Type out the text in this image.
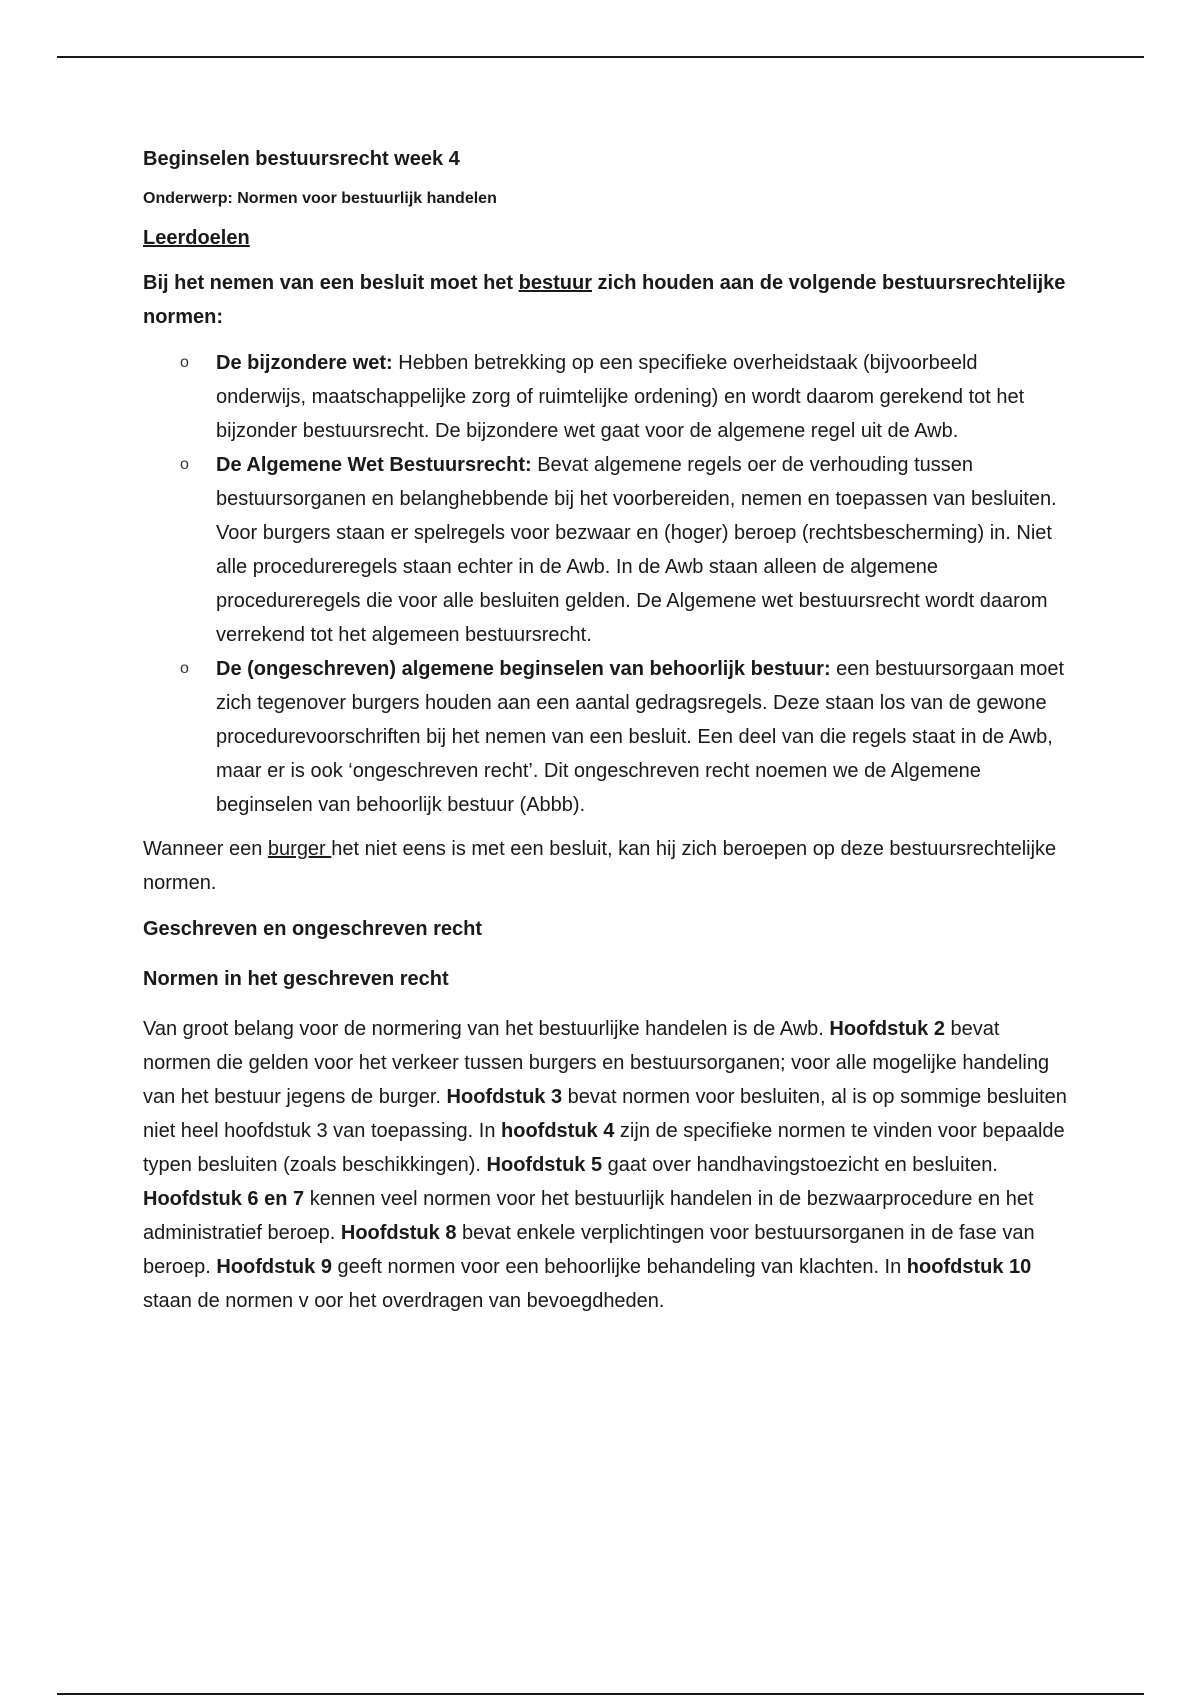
Beginselen bestuursrecht week 4
Onderwerp: Normen voor bestuurlijk handelen
Leerdoelen
Bij het nemen van een besluit moet het bestuur zich houden aan de volgende bestuursrechtelijke normen:
o De bijzondere wet: Hebben betrekking op een specifieke overheidstaak (bijvoorbeeld onderwijs, maatschappelijke zorg of ruimtelijke ordening) en wordt daarom gerekend tot het bijzonder bestuursrecht. De bijzondere wet gaat voor de algemene regel uit de Awb.
o De Algemene Wet Bestuursrecht: Bevat algemene regels oer de verhouding tussen bestuursorganen en belanghebbende bij het voorbereiden, nemen en toepassen van besluiten. Voor burgers staan er spelregels voor bezwaar en (hoger) beroep (rechtsbescherming) in. Niet alle procedureregels staan echter in de Awb. In de Awb staan alleen de algemene procedureregels die voor alle besluiten gelden. De Algemene wet bestuursrecht wordt daarom verrekend tot het algemeen bestuursrecht.
o De (ongeschreven) algemene beginselen van behoorlijk bestuur: een bestuursorgaan moet zich tegenover burgers houden aan een aantal gedragsregels. Deze staan los van de gewone procedurevoorschriften bij het nemen van een besluit. Een deel van die regels staat in de Awb, maar er is ook ‘ongeschreven recht’. Dit ongeschreven recht noemen we de Algemene beginselen van behoorlijk bestuur (Abbb).

Wanneer een burger het niet eens is met een besluit, kan hij zich beroepen op deze bestuursrechtelijke normen.

Geschreven en ongeschreven recht
Normen in het geschreven recht

Van groot belang voor de normering van het bestuurlijke handelen is de Awb. Hoofdstuk 2 bevat normen die gelden voor het verkeer tussen burgers en bestuursorganen; voor alle mogelijke handeling van het bestuur jegens de burger. Hoofdstuk 3 bevat normen voor besluiten, al is op sommige besluiten niet heel hoofdstuk 3 van toepassing. In hoofdstuk 4 zijn de specifieke normen te vinden voor bepaalde typen besluiten (zoals beschikkingen). Hoofdstuk 5 gaat over handhavingstoezicht en besluiten. Hoofdstuk 6 en 7 kennen veel normen voor het bestuurlijk handelen in de bezwaarprocedure en het administratief beroep. Hoofdstuk 8 bevat enkele verplichtingen voor bestuursorganen in de fase van beroep. Hoofdstuk 9 geeft normen voor een behoorlijke behandeling van klachten. In hoofdstuk 10 staan de normen v oor het overdragen van bevoegdheden.
